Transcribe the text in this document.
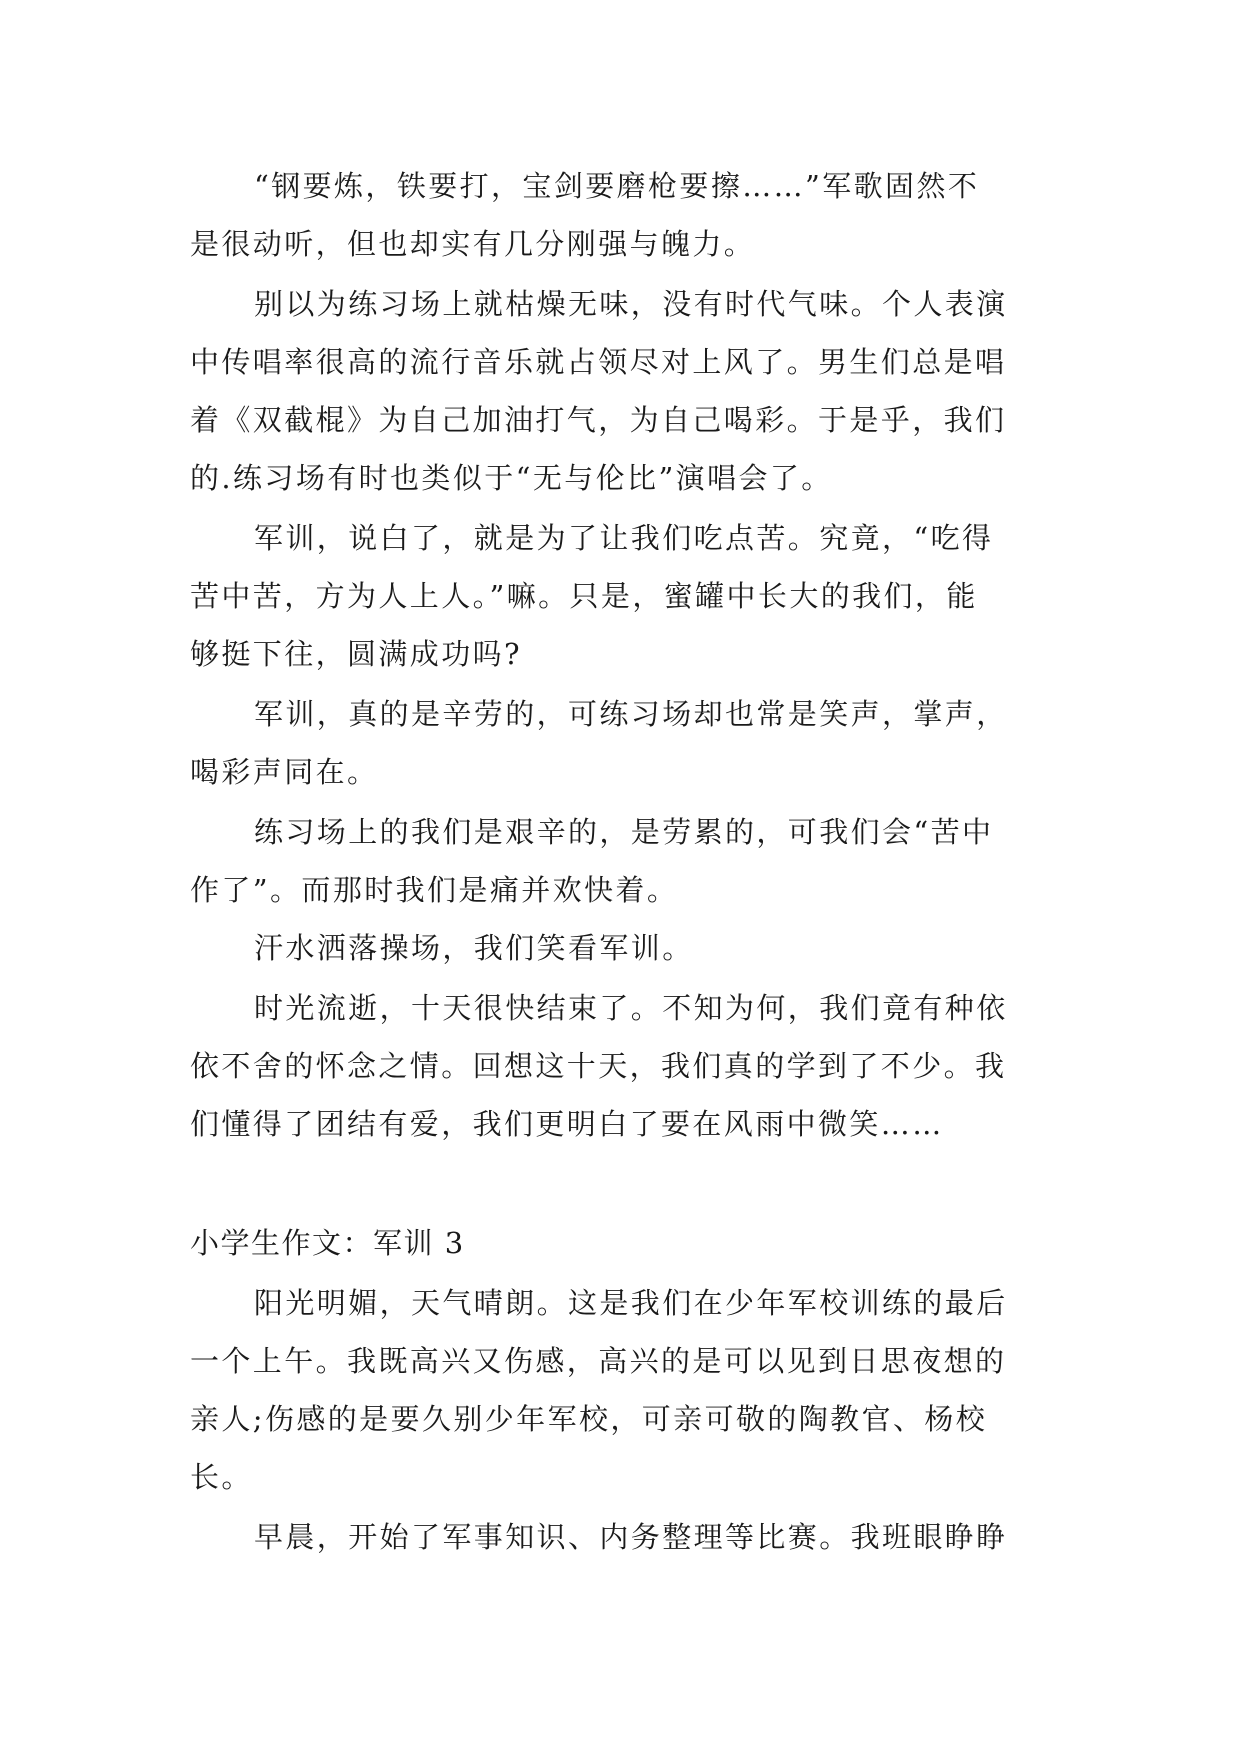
“钢要炼，铁要打，宝剑要磨枪要擦……”军歌固然不
是很动听，但也却实有几分刚强与魄力。
别以为练习场上就枯燥无味，没有时代气味。个人表演
中传唱率很高的流行音乐就占领尽对上风了。男生们总是唱
着《双截棍》为自己加油打气，为自己喝彩。于是乎，我们
的.练习场有时也类似于“无与伦比”演唱会了。
军训，说白了，就是为了让我们吃点苦。究竟，“吃得
苦中苦，方为人上人。”嘛。只是，蜜罐中长大的我们，能
够挺下往，圆满成功吗?
军训，真的是辛劳的，可练习场却也常是笑声，掌声，
喝彩声同在。
练习场上的我们是艰辛的，是劳累的，可我们会“苦中
作了”。而那时我们是痛并欢快着。
汗水洒落操场，我们笑看军训。
时光流逝，十天很快结束了。不知为何，我们竟有种依
依不舍的怀念之情。回想这十天，我们真的学到了不少。我
们懂得了团结有爱，我们更明白了要在风雨中微笑……
小学生作文：军训 3
阳光明媚，天气晴朗。这是我们在少年军校训练的最后
一个上午。我既高兴又伤感，高兴的是可以见到日思夜想的
亲人;伤感的是要久别少年军校，可亲可敬的陶教官、杨校
长。
早晨，开始了军事知识、内务整理等比赛。我班眼睁睁
